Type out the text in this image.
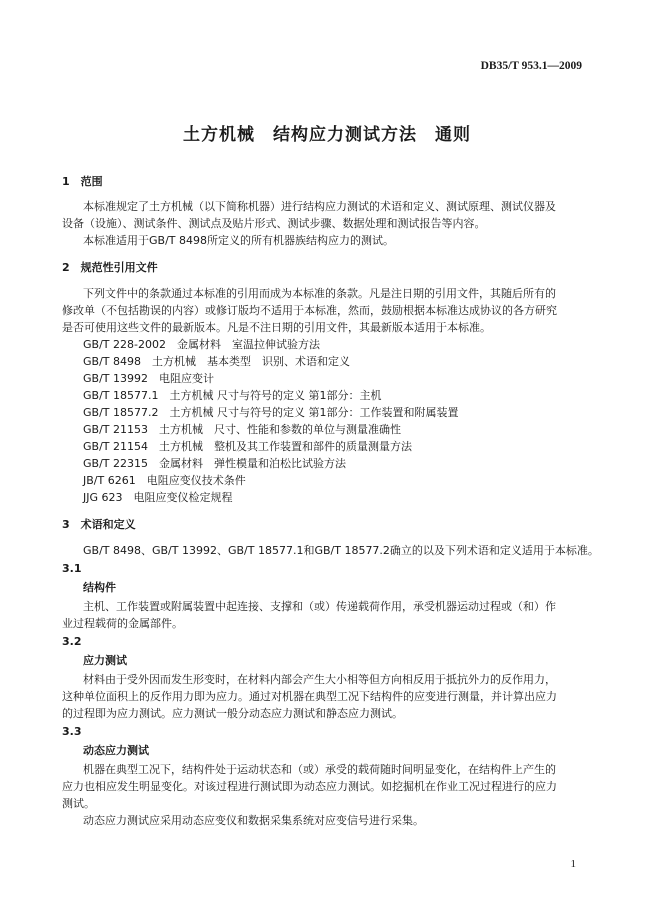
DB35/T 953.1—2009
土方机械　结构应力测试方法　通则
1　范围
本标准规定了土方机械（以下简称机器）进行结构应力测试的术语和定义、测试原理、测试仪器及
设备（设施）、测试条件、测试点及贴片形式、测试步骤、数据处理和测试报告等内容。
本标准适用于GB/T 8498所定义的所有机器族结构应力的测试。
2　规范性引用文件
下列文件中的条款通过本标准的引用而成为本标准的条款。凡是注日期的引用文件，其随后所有的
修改单（不包括勘误的内容）或修订版均不适用于本标准，然而，鼓励根据本标准达成协议的各方研究
是否可使用这些文件的最新版本。凡是不注日期的引用文件，其最新版本适用于本标准。
GB/T 228-2002　金属材料　室温拉伸试验方法
GB/T 8498　土方机械　基本类型　识别、术语和定义
GB/T 13992　电阻应变计
GB/T 18577.1　土方机械 尺寸与符号的定义 第1部分：主机
GB/T 18577.2　土方机械 尺寸与符号的定义 第1部分：工作装置和附属装置
GB/T 21153　土方机械　尺寸、性能和参数的单位与测量准确性
GB/T 21154　土方机械　整机及其工作装置和部件的质量测量方法
GB/T 22315　金属材料　弹性模量和泊松比试验方法
JB/T 6261　电阻应变仪技术条件
JJG 623　电阻应变仪检定规程
3　术语和定义
GB/T 8498、GB/T 13992、GB/T 18577.1和GB/T 18577.2确立的以及下列术语和定义适用于本标准。
3.1
结构件
主机、工作装置或附属装置中起连接、支撑和（或）传递载荷作用，承受机器运动过程或（和）作
业过程载荷的金属部件。
3.2
应力测试
材料由于受外因而发生形变时，在材料内部会产生大小相等但方向相反用于抵抗外力的反作用力，
这种单位面积上的反作用力即为应力。通过对机器在典型工况下结构件的应变进行测量，并计算出应力
的过程即为应力测试。应力测试一般分动态应力测试和静态应力测试。
3.3
动态应力测试
机器在典型工况下，结构件处于运动状态和（或）承受的载荷随时间明显变化，在结构件上产生的
应力也相应发生明显变化。对该过程进行测试即为动态应力测试。如挖掘机在作业工况过程进行的应力
测试。
动态应力测试应采用动态应变仪和数据采集系统对应变信号进行采集。
1
